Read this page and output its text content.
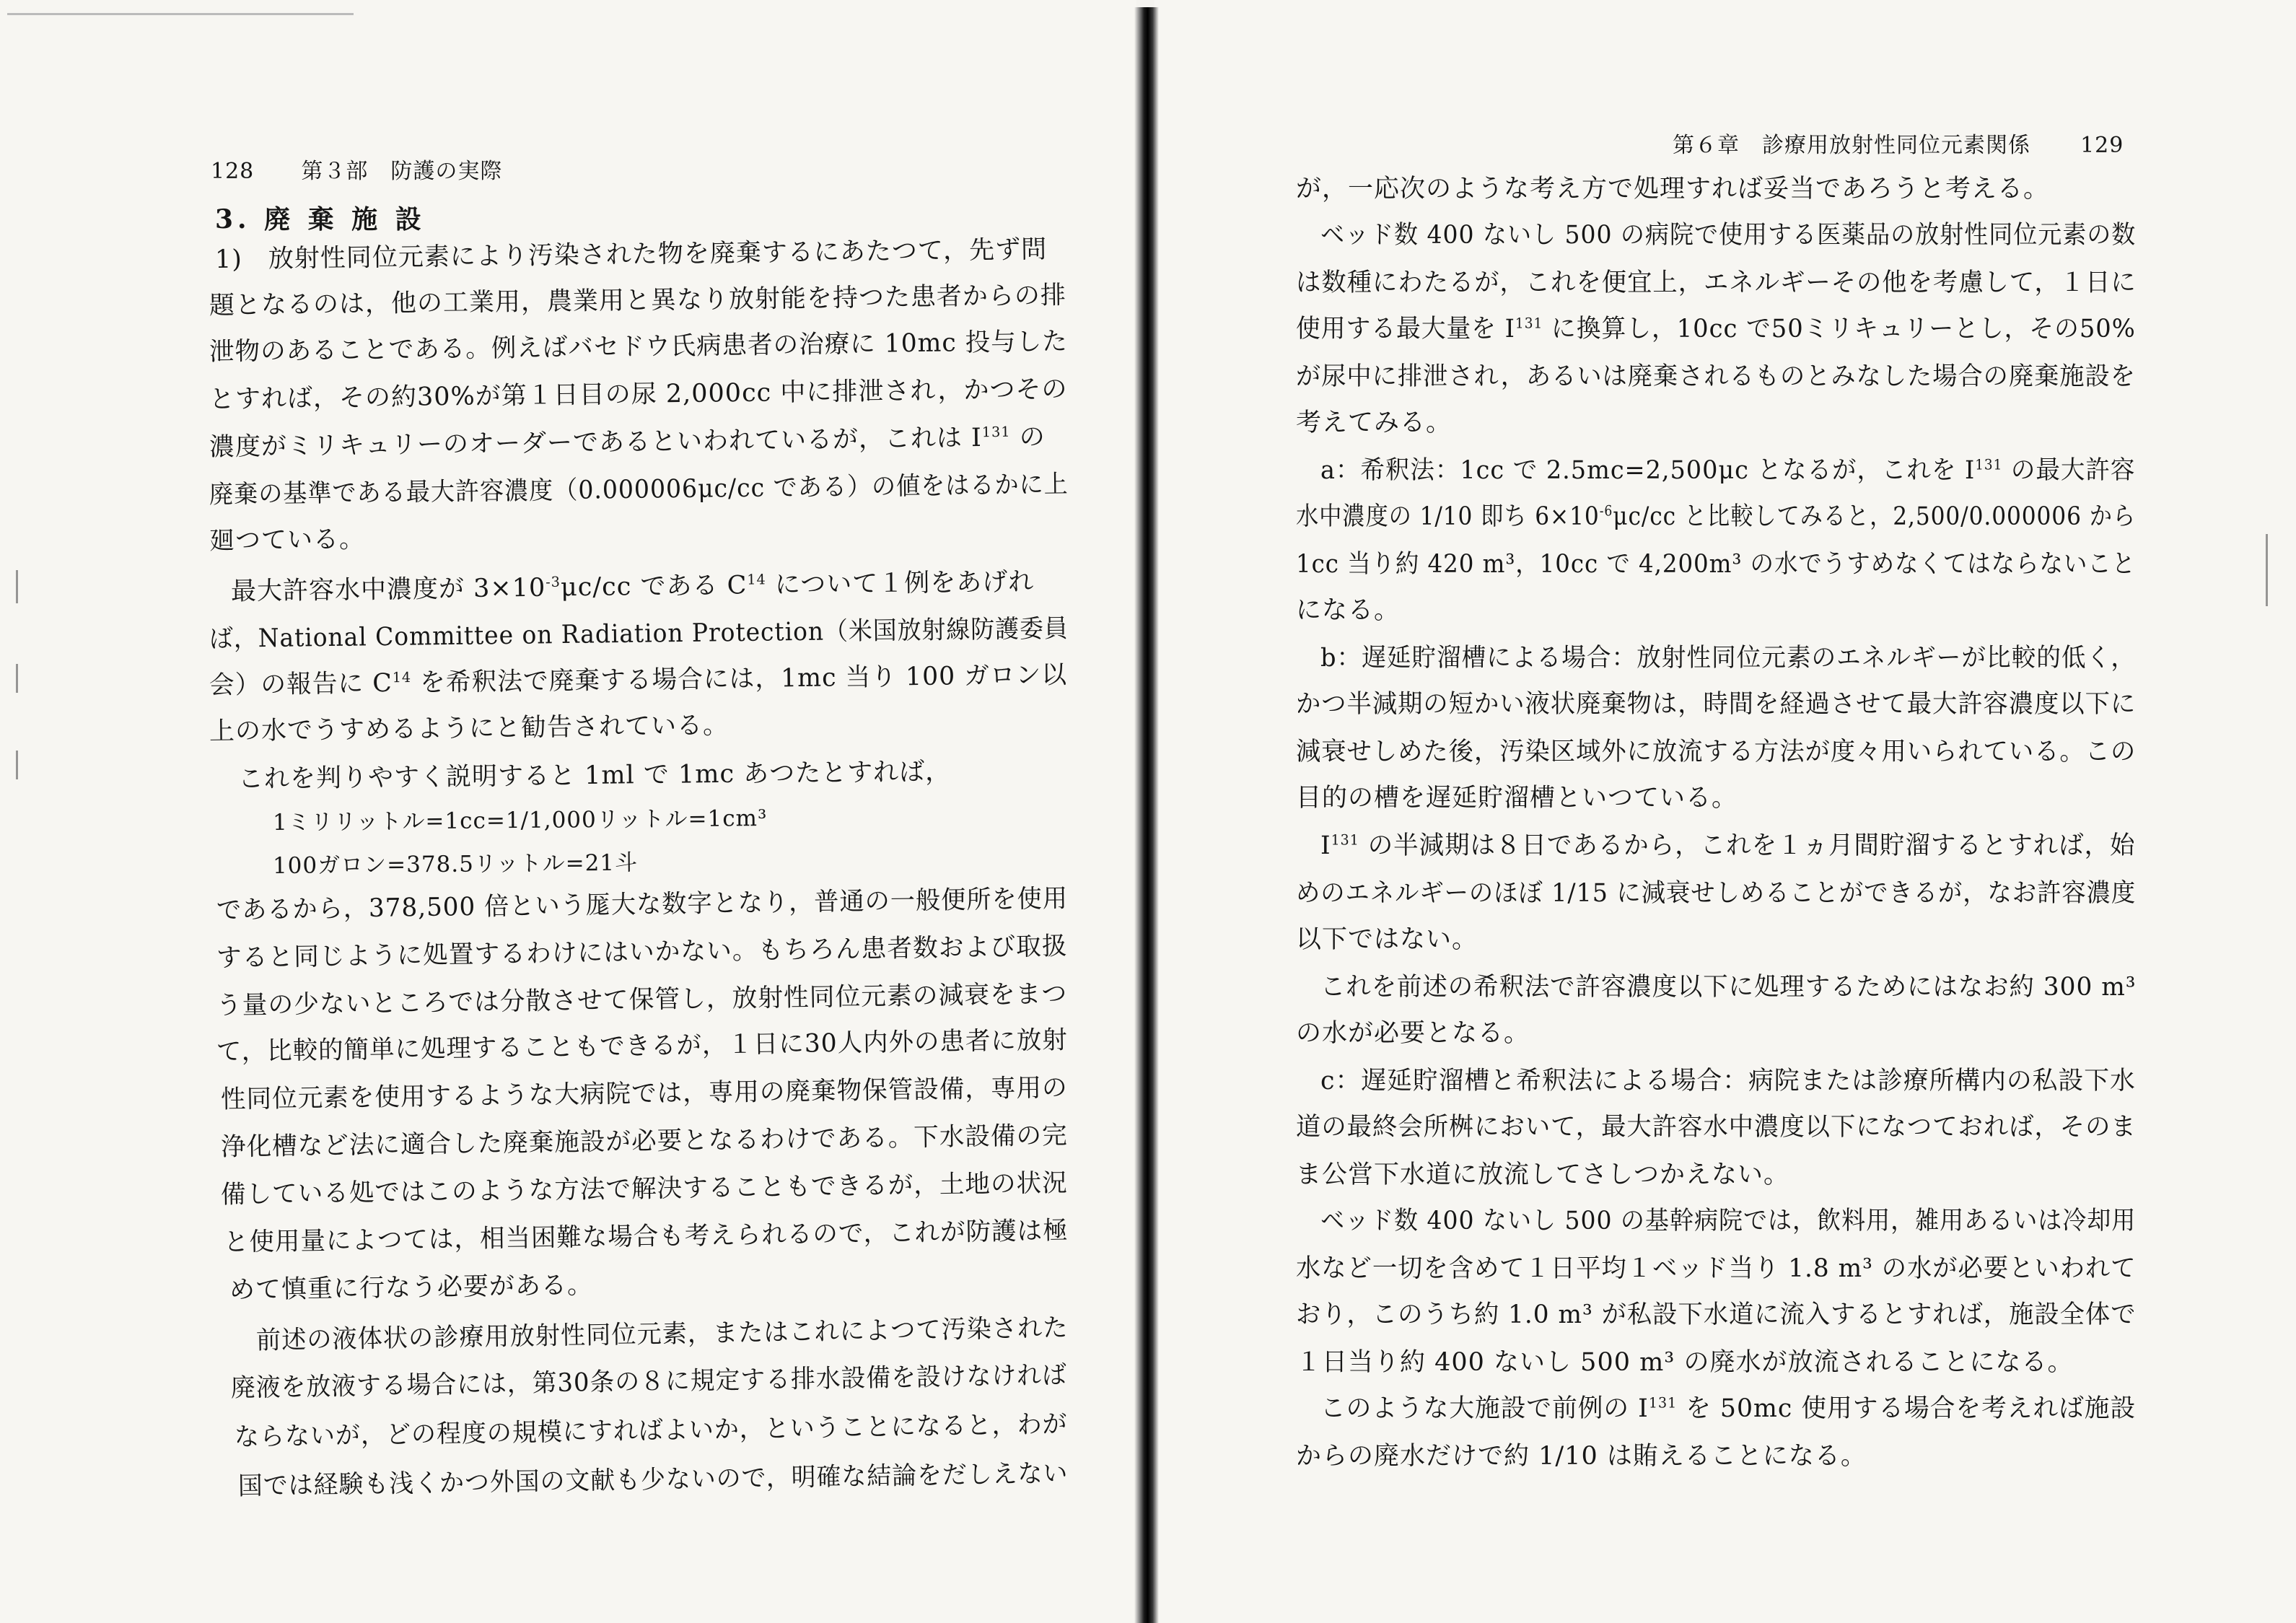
128 第３部　防護の実際
3. 廃 棄 施 設
1)　放射性同位元素により汚染された物を廃棄するにあたつて，先ず問
題となるのは，他の工業用，農業用と異なり放射能を持つた患者からの排
泄物のあることである。例えばバセドウ氏病患者の治療に 10mc 投与した
とすれば，その約30%が第１日目の尿 2,000cc 中に排泄され，かつその
濃度がミリキュリーのオーダーであるといわれているが，これは $I^{131}$ の
廃棄の基準である最大許容濃度（0.000006μc/cc である）の値をはるかに上
廻つている。
最大許容水中濃度が $3\times 10^{-3}\mu c/cc$ である $C^{14}$ について１例をあげれ
ば，National Committee on Radiation Protection（米国放射線防護委員
会）の報告に $C^{14}$ を希釈法で廃棄する場合には，1mc 当り 100 ガロン以
上の水でうすめるようにと勧告されている。
これを判りやすく説明すると 1ml で 1mc あつたとすれば，
1ミリリットル=1cc=1/1,000リットル=1cm³
100ガロン=378.5リットル=21斗
であるから，378,500 倍という厖大な数字となり，普通の一般便所を使用
すると同じように処置するわけにはいかない。もちろん患者数および取扱
う量の少ないところでは分散させて保管し，放射性同位元素の減衰をまつ
て，比較的簡単に処理することもできるが，１日に30人内外の患者に放射
性同位元素を使用するような大病院では，専用の廃棄物保管設備，専用の
浄化槽など法に適合した廃棄施設が必要となるわけである。下水設備の完
備している処ではこのような方法で解決することもできるが，土地の状況
と使用量によつては，相当困難な場合も考えられるので，これが防護は極
めて慎重に行なう必要がある。
前述の液体状の診療用放射性同位元素，またはこれによつて汚染された
廃液を放液する場合には，第30条の８に規定する排水設備を設けなければ
ならないが，どの程度の規模にすればよいか，ということになると，わが
国では経験も浅くかつ外国の文献も少ないので，明確な結論をだしえない
第６章　診療用放射性同位元素関係 129
が，一応次のような考え方で処理すれば妥当であろうと考える。
ベッド数 400 ないし 500 の病院で使用する医薬品の放射性同位元素の数
は数種にわたるが，これを便宜上，エネルギーその他を考慮して，１日に
使用する最大量を $I^{131}$ に換算し，10cc で50ミリキュリーとし，その50%
が尿中に排泄され，あるいは廃棄されるものとみなした場合の廃棄施設を
考えてみる。
a：希釈法：1cc で 2.5mc=2,500μc となるが，これを $I^{131}$ の最大許容
水中濃度の 1/10 即ち $6\times 10^{-6}\mu c/cc$ と比較してみると，2,500/0.000006 から
1cc 当り約 420 m³，10cc で 4,200m³ の水でうすめなくてはならないこと
になる。
b：遅延貯溜槽による場合：放射性同位元素のエネルギーが比較的低く，
かつ半減期の短かい液状廃棄物は，時間を経過させて最大許容濃度以下に
減衰せしめた後，汚染区域外に放流する方法が度々用いられている。この
目的の槽を遅延貯溜槽といつている。
$I^{131}$ の半減期は８日であるから，これを１ヵ月間貯溜するとすれば，始
めのエネルギーのほぼ 1/15 に減衰せしめることができるが，なお許容濃度
以下ではない。
これを前述の希釈法で許容濃度以下に処理するためにはなお約 300 m³
の水が必要となる。
c：遅延貯溜槽と希釈法による場合：病院または診療所構内の私設下水
道の最終会所桝において，最大許容水中濃度以下になつておれば，そのま
ま公営下水道に放流してさしつかえない。
ベッド数 400 ないし 500 の基幹病院では，飲料用，雑用あるいは冷却用
水など一切を含めて１日平均１ベッド当り 1.8 m³ の水が必要といわれて
おり，このうち約 1.0 m³ が私設下水道に流入するとすれば，施設全体で
１日当り約 400 ないし 500 m³ の廃水が放流されることになる。
このような大施設で前例の $I^{131}$ を 50mc 使用する場合を考えれば施設
からの廃水だけで約 1/10 は賄えることになる。
